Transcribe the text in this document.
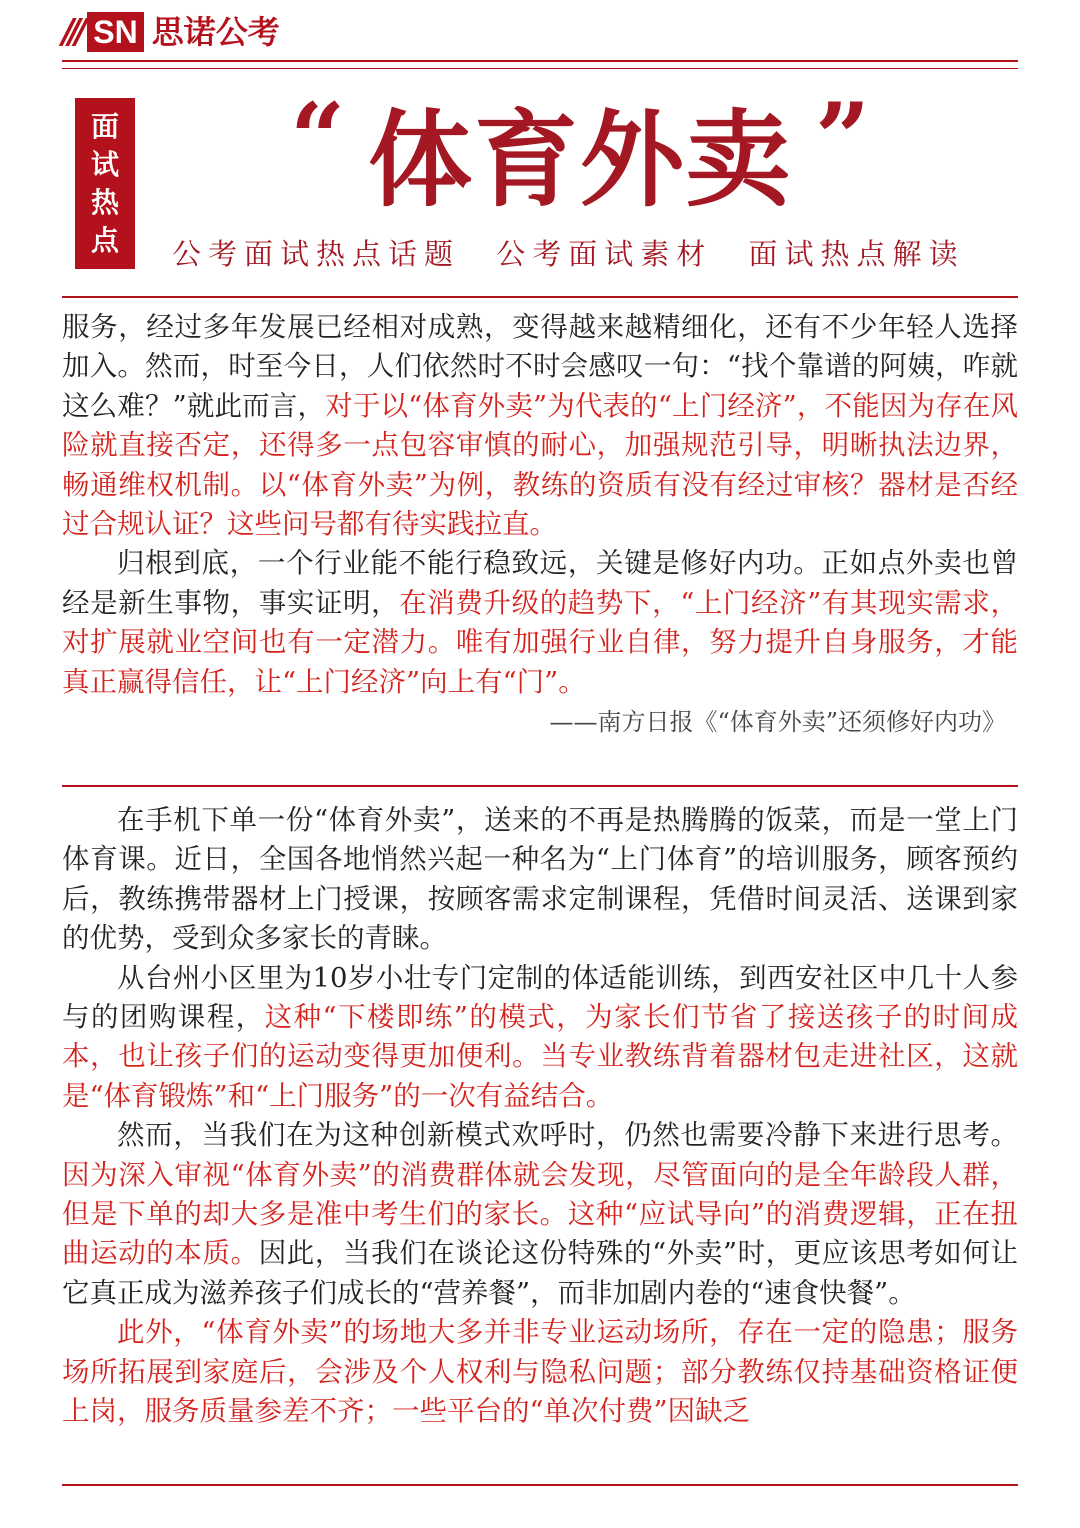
/// SN 思诺公考
面
试
热
点
“ 体育外卖 ”
公考面试热点话题 公考面试素材 面试热点解读

服务，经过多年发展已经相对成熟，变得越来越精细化，还有不少年轻人选择加入。然而，时至今日，人们依然时不时会感叹一句：“找个靠谱的阿姨，咋就这么难？”就此而言，对于以“体育外卖”为代表的“上门经济”，不能因为存在风险就直接否定，还得多一点包容审慎的耐心，加强规范引导，明晰执法边界，畅通维权机制。以“体育外卖”为例，教练的资质有没有经过审核？器材是否经过合规认证？这些问号都有待实践拉直。

归根到底，一个行业能不能行稳致远，关键是修好内功。正如点外卖也曾经是新生事物，事实证明，在消费升级的趋势下，“上门经济”有其现实需求，对扩展就业空间也有一定潜力。唯有加强行业自律，努力提升自身服务，才能真正赢得信任，让“上门经济”向上有“门”。

——南方日报《“体育外卖”还须修好内功》

在手机下单一份“体育外卖”，送来的不再是热腾腾的饭菜，而是一堂上门体育课。近日，全国各地悄然兴起一种名为“上门体育”的培训服务，顾客预约后，教练携带器材上门授课，按顾客需求定制课程，凭借时间灵活、送课到家的优势，受到众多家长的青睐。

从台州小区里为10岁小壮专门定制的体适能训练，到西安社区中几十人参与的团购课程，这种“下楼即练”的模式，为家长们节省了接送孩子的时间成本，也让孩子们的运动变得更加便利。当专业教练背着器材包走进社区，这就是“体育锻炼”和“上门服务”的一次有益结合。

然而，当我们在为这种创新模式欢呼时，仍然也需要冷静下来进行思考。因为深入审视“体育外卖”的消费群体就会发现，尽管面向的是全年龄段人群，但是下单的却大多是准中考生们的家长。这种“应试导向”的消费逻辑，正在扭曲运动的本质。因此，当我们在谈论这份特殊的“外卖”时，更应该思考如何让它真正成为滋养孩子们成长的“营养餐”，而非加剧内卷的“速食快餐”。

此外，“体育外卖”的场地大多并非专业运动场所，存在一定的隐患；服务场所拓展到家庭后，会涉及个人权利与隐私问题；部分教练仅持基础资格证便上岗，服务质量参差不齐；一些平台的“单次付费”因缺乏
